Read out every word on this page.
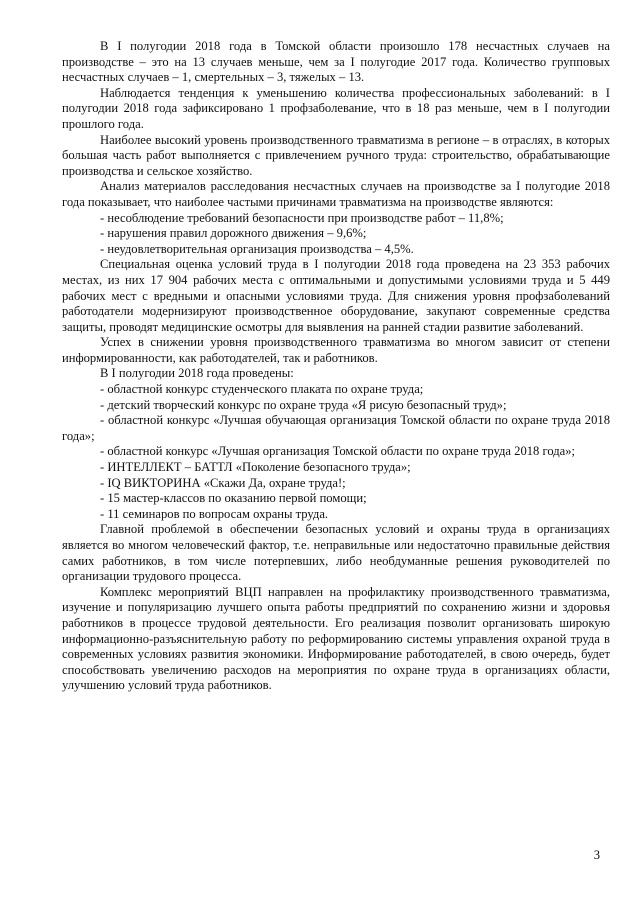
В I полугодии 2018 года в Томской области произошло 178 несчастных случаев на производстве – это на 13 случаев меньше, чем за I полугодие 2017 года. Количество групповых несчастных случаев – 1, смертельных – 3, тяжелых – 13.

Наблюдается тенденция к уменьшению количества профессиональных заболеваний: в I полугодии 2018 года зафиксировано 1 профзаболевание, что в 18 раз меньше, чем в I полугодии прошлого года.

Наиболее высокий уровень производственного травматизма в регионе – в отраслях, в которых большая часть работ выполняется с привлечением ручного труда: строительство, обрабатывающие производства и сельское хозяйство.

Анализ материалов расследования несчастных случаев на производстве за I полугодие 2018 года показывает, что наиболее частыми причинами травматизма на производстве являются:

- несоблюдение требований безопасности при производстве работ – 11,8%;

- нарушения правил дорожного движения – 9,6%;

- неудовлетворительная организация производства – 4,5%.

Специальная оценка условий труда в I полугодии 2018 года проведена на 23 353 рабочих местах, из них 17 904 рабочих места с оптимальными и допустимыми условиями труда и 5 449 рабочих мест с вредными и опасными условиями труда. Для снижения уровня профзаболеваний работодатели модернизируют производственное оборудование, закупают современные средства защиты, проводят медицинские осмотры для выявления на ранней стадии развитие заболеваний.

Успех в снижении уровня производственного травматизма во многом зависит от степени информированности, как работодателей, так и работников.

В I полугодии 2018 года проведены:

- областной конкурс студенческого плаката по охране труда;

- детский творческий конкурс по охране труда «Я рисую безопасный труд»;

- областной конкурс «Лучшая обучающая организация Томской области по охране труда 2018 года»;

- областной конкурс «Лучшая организация Томской области по охране труда 2018 года»;

- ИНТЕЛЛЕКТ – БАТТЛ «Поколение безопасного труда»;

- IQ ВИКТОРИНА «Скажи Да, охране труда!;

- 15 мастер-классов по оказанию первой помощи;

- 11 семинаров по вопросам охраны труда.

Главной проблемой в обеспечении безопасных условий и охраны труда в организациях является во многом человеческий фактор, т.е. неправильные или недостаточно правильные действия самих работников, в том числе потерпевших, либо необдуманные решения руководителей по организации трудового процесса.

Комплекс мероприятий ВЦП направлен на профилактику производственного травматизма, изучение и популяризацию лучшего опыта работы предприятий по сохранению жизни и здоровья работников в процессе трудовой деятельности. Его реализация позволит организовать широкую информационно-разъяснительную работу по реформированию системы управления охраной труда в современных условиях развития экономики. Информирование работодателей, в свою очередь, будет способствовать увеличению расходов на мероприятия по охране труда в организациях области, улучшению условий труда работников.

3
